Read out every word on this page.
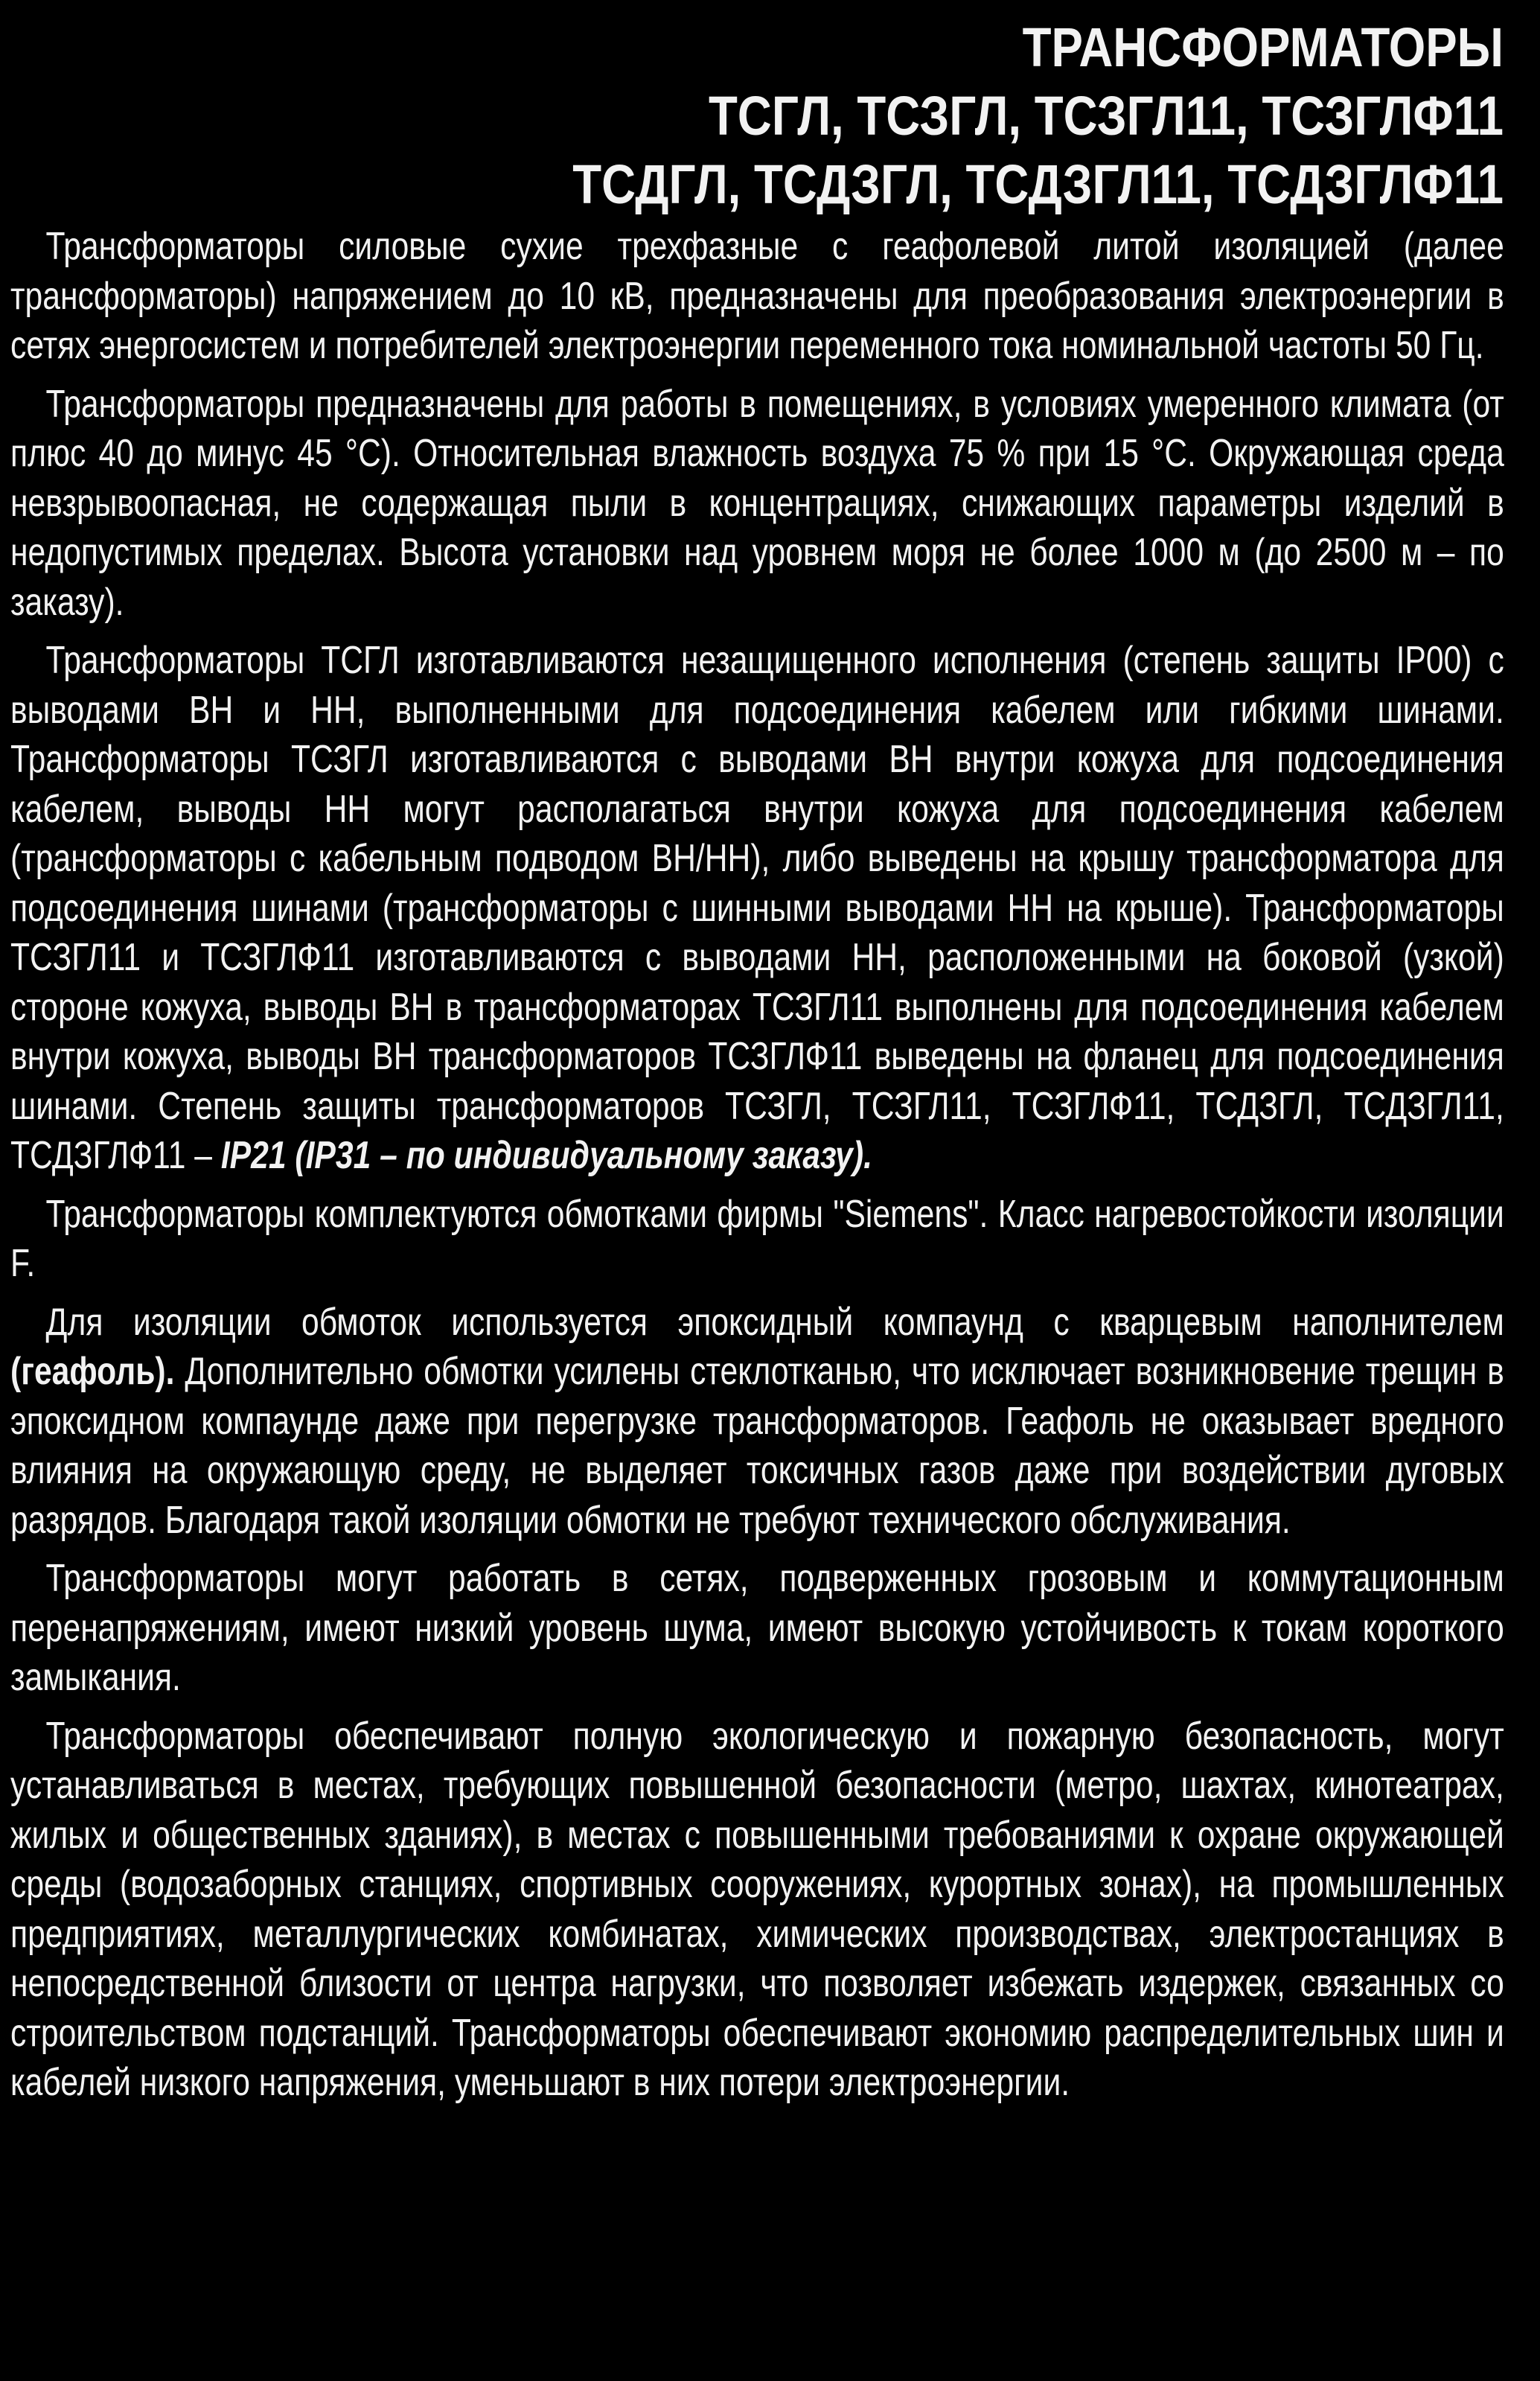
ТРАНСФОРМАТОРЫ
ТСГЛ, ТСЗГЛ, ТСЗГЛ11, ТСЗГЛФ11
ТСДГЛ, ТСДЗГЛ, ТСДЗГЛ11, ТСДЗГЛФ11

Трансформаторы силовые сухие трехфазные с геафолевой литой изоляцией (далее трансформаторы) напряжением до 10 кВ, предназначены для преобразования электроэнергии в сетях энергосистем и потребителей электроэнергии переменного тока номинальной частоты 50 Гц.

Трансформаторы предназначены для работы в помещениях, в условиях умеренного климата (от плюс 40 до минус 45 °С). Относительная влажность воздуха 75 % при 15 °С. Окружающая среда невзрывоопасная, не содержащая пыли в концентрациях, снижающих параметры изделий в недопустимых пределах. Высота установки над уровнем моря не более 1000 м (до 2500 м – по заказу).

Трансформаторы ТСГЛ изготавливаются незащищенного исполнения (степень защиты IP00) с выводами ВН и НН, выполненными для подсоединения кабелем или гибкими шинами. Трансформаторы ТСЗГЛ изготавливаются с выводами ВН внутри кожуха для подсоединения кабелем, выводы НН могут располагаться внутри кожуха для подсоединения кабелем (трансформаторы с кабельным подводом ВН/НН), либо выведены на крышу трансформатора для подсоединения шинами (трансформаторы с шинными выводами НН на крыше). Трансформаторы ТСЗГЛ11 и ТСЗГЛФ11 изготавливаются с выводами НН, расположенными на боковой (узкой) стороне кожуха, выводы ВН в трансформаторах ТСЗГЛ11 выполнены для подсоединения кабелем внутри кожуха, выводы ВН трансформаторов ТСЗГЛФ11 выведены на фланец для подсоединения шинами. Степень защиты трансформаторов ТСЗГЛ, ТСЗГЛ11, ТСЗГЛФ11, ТСДЗГЛ, ТСДЗГЛ11, ТСДЗГЛФ11 – IP21 (IP31 – по индивидуальному заказу).

Трансформаторы комплектуются обмотками фирмы "Siemens". Класс нагревостойкости изоляции F.

Для изоляции обмоток используется эпоксидный компаунд с кварцевым наполнителем (геафоль). Дополнительно обмотки усилены стеклотканью, что исключает возникновение трещин в эпоксидном компаунде даже при перегрузке трансформаторов. Геафоль не оказывает вредного влияния на окружающую среду, не выделяет токсичных газов даже при воздействии дуговых разрядов. Благодаря такой изоляции обмотки не требуют технического обслуживания.

Трансформаторы могут работать в сетях, подверженных грозовым и коммутационным перенапряжениям, имеют низкий уровень шума, имеют высокую устойчивость к токам короткого замыкания.

Трансформаторы обеспечивают полную экологическую и пожарную безопасность, могут устанавливаться в местах, требующих повышенной безопасности (метро, шахтах, кинотеатрах, жилых и общественных зданиях), в местах с повышенными требованиями к охране окружающей среды (водозаборных станциях, спортивных сооружениях, курортных зонах), на промышленных предприятиях, металлургических комбинатах, химических производствах, электростанциях в непосредственной близости от центра нагрузки, что позволяет избежать издержек, связанных со строительством подстанций. Трансформаторы обеспечивают экономию распределительных шин и кабелей низкого напряжения, уменьшают в них потери электроэнергии.
